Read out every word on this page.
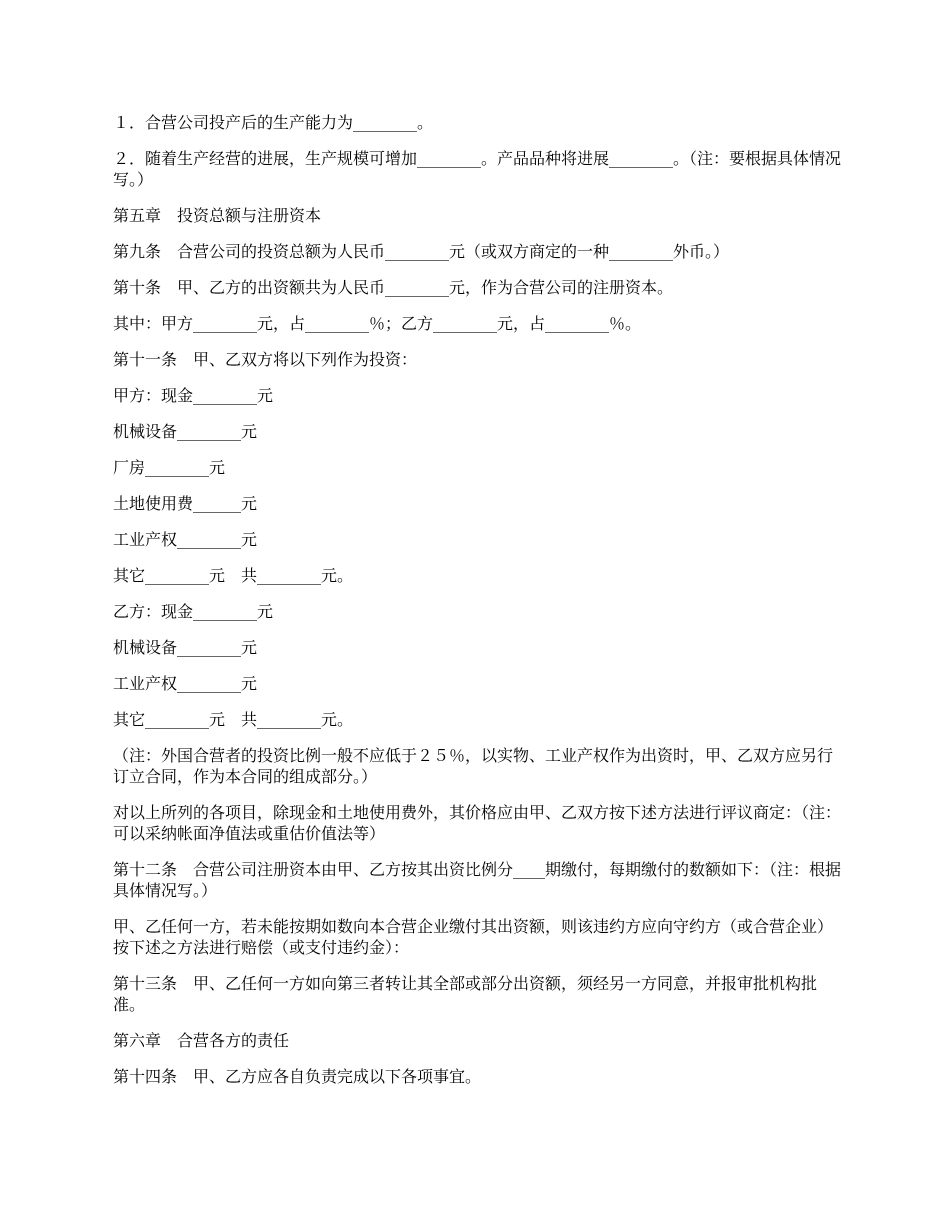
１．合营公司投产后的生产能力为________。

２．随着生产经营的进展，生产规模可增加________。产品品种将进展________。（注：要根据具体情况写。）

第五章　投资总额与注册资本

第九条　合营公司的投资总额为人民币________元（或双方商定的一种________外币。）

第十条　甲、乙方的出资额共为人民币________元，作为合营公司的注册资本。

其中：甲方________元，占________％；乙方________元，占________％。

第十一条　甲、乙双方将以下列作为投资：

甲方：现金________元

机械设备________元

厂房________元

土地使用费______元

工业产权________元

其它________元　共________元。

乙方：现金________元

机械设备________元

工业产权________元

其它________元　共________元。

（注：外国合营者的投资比例一般不应低于２５％，以实物、工业产权作为出资时，甲、乙双方应另行订立合同，作为本合同的组成部分。）

对以上所列的各项目，除现金和土地使用费外，其价格应由甲、乙双方按下述方法进行评议商定：（注：可以采纳帐面净值法或重估价值法等）

第十二条　合营公司注册资本由甲、乙方按其出资比例分____期缴付，每期缴付的数额如下：（注：根据具体情况写。）

甲、乙任何一方，若未能按期如数向本合营企业缴付其出资额，则该违约方应向守约方（或合营企业）按下述之方法进行赔偿（或支付违约金）：

第十三条　甲、乙任何一方如向第三者转让其全部或部分出资额，须经另一方同意，并报审批机构批准。

第六章　合营各方的责任

第十四条　甲、乙方应各自负责完成以下各项事宜。
